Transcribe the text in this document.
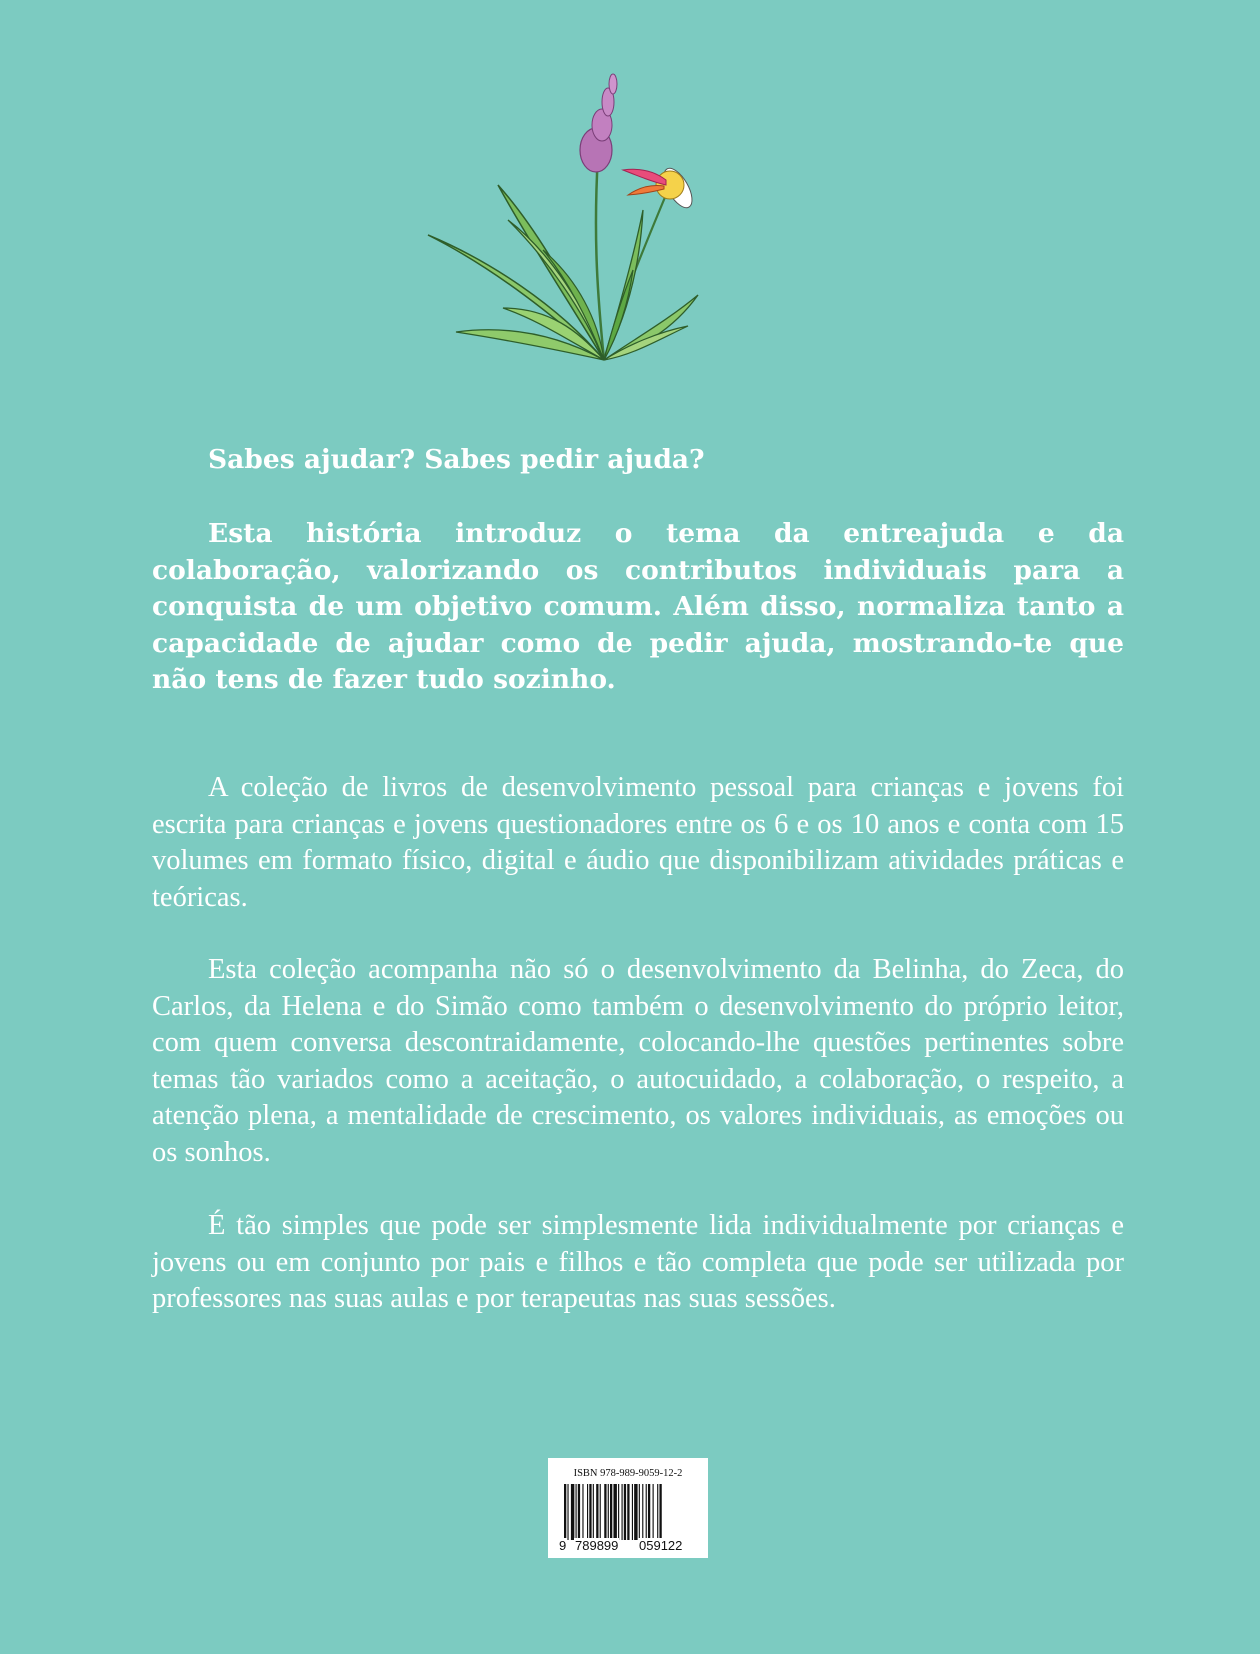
Sabes ajudar? Sabes pedir ajuda?

Esta história introduz o tema da entreajuda e da colaboração, valorizando os contributos individuais para a conquista de um objetivo comum. Além disso, normaliza tanto a capacidade de ajudar como de pedir ajuda, mostrando-te que não tens de fazer tudo sozinho.

A coleção de livros de desenvolvimento pessoal para crianças e jovens foi escrita para crianças e jovens questionadores entre os 6 e os 10 anos e conta com 15 volumes em formato físico, digital e áudio que disponibilizam atividades práticas e teóricas.

Esta coleção acompanha não só o desenvolvimento da Belinha, do Zeca, do Carlos, da Helena e do Simão como também o desenvolvimento do próprio leitor, com quem conversa descontraidamente, colocando-lhe questões pertinentes sobre temas tão variados como a aceitação, o autocuidado, a colaboração, o respeito, a atenção plena, a mentalidade de crescimento, os valores individuais, as emoções ou os sonhos.

É tão simples que pode ser simplesmente lida individualmente por crianças e jovens ou em conjunto por pais e filhos e tão completa que pode ser utilizada por professores nas suas aulas e por terapeutas nas suas sessões.

ISBN 978-989-9059-12-2
9 789899 059122
